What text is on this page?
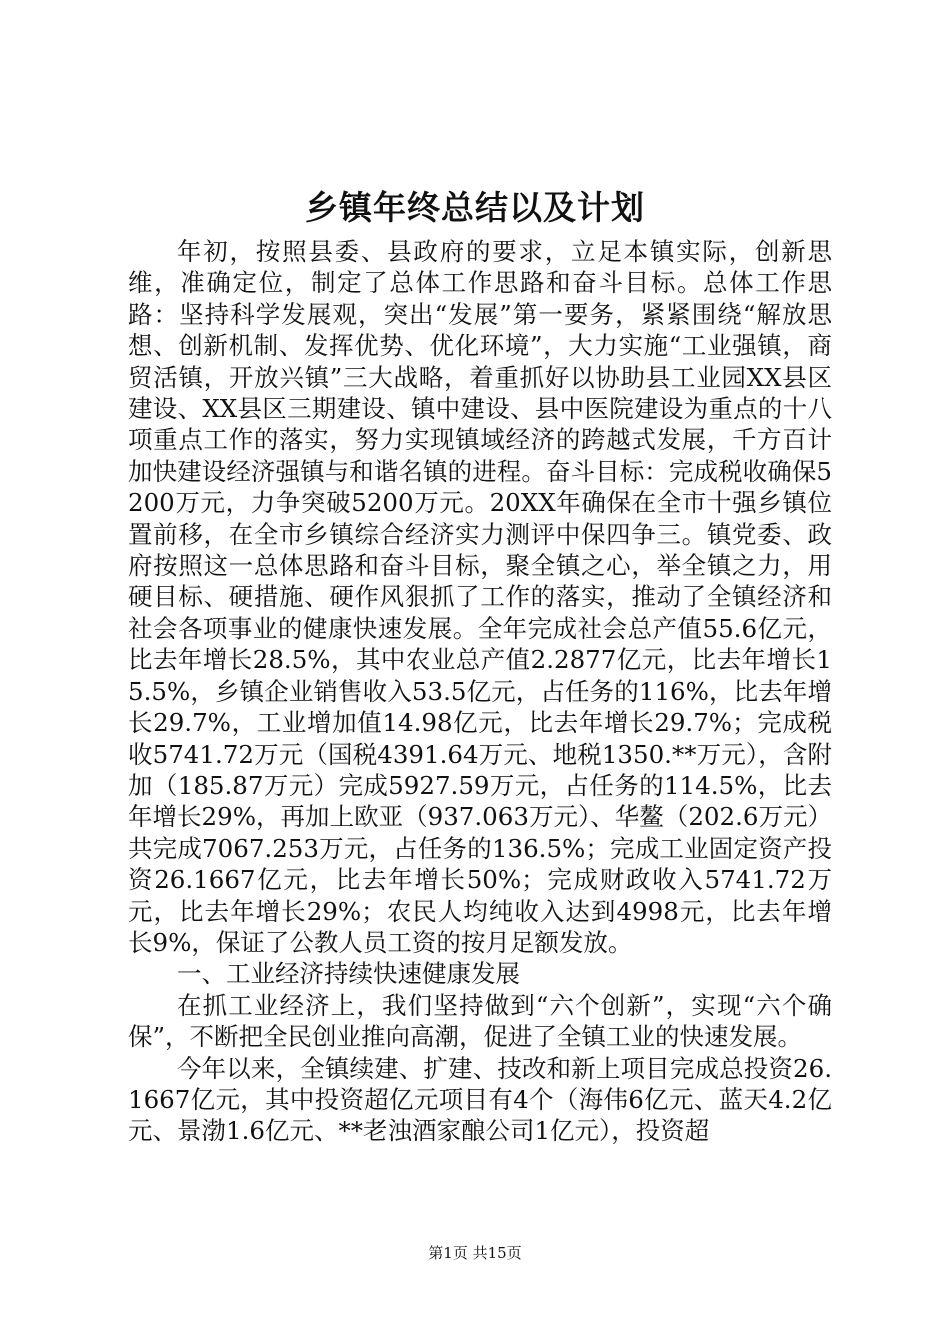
乡镇年终总结以及计划

年初，按照县委、县政府的要求，立足本镇实际，创新思维，准确定位，制定了总体工作思路和奋斗目标。总体工作思路：坚持科学发展观，突出“发展”第一要务，紧紧围绕“解放思想、创新机制、发挥优势、优化环境”，大力实施“工业强镇，商贸活镇，开放兴镇”三大战略，着重抓好以协助县工业园XX县区建设、XX县区三期建设、镇中建设、县中医院建设为重点的十八项重点工作的落实，努力实现镇域经济的跨越式发展，千方百计加快建设经济强镇与和谐名镇的进程。奋斗目标：完成税收确保5200万元，力争突破5200万元。20XX年确保在全市十强乡镇位置前移，在全市乡镇综合经济实力测评中保四争三。镇党委、政府按照这一总体思路和奋斗目标，聚全镇之心，举全镇之力，用硬目标、硬措施、硬作风狠抓了工作的落实，推动了全镇经济和社会各项事业的健康快速发展。全年完成社会总产值55.6亿元，比去年增长28.5%，其中农业总产值2.2877亿元，比去年增长15.5%，乡镇企业销售收入53.5亿元，占任务的116%，比去年增长29.7%，工业增加值14.98亿元，比去年增长29.7%；完成税收5741.72万元（国税4391.64万元、地税1350.**万元），含附加（185.87万元）完成5927.59万元，占任务的114.5%，比去年增长29%，再加上欧亚（937.063万元）、华鳌（202.6万元）共完成7067.253万元，占任务的136.5%；完成工业固定资产投资26.1667亿元，比去年增长50%；完成财政收入5741.72万元，比去年增长29%；农民人均纯收入达到4998元，比去年增长9%，保证了公教人员工资的按月足额发放。

一、工业经济持续快速健康发展

在抓工业经济上，我们坚持做到“六个创新”，实现“六个确保”，不断把全民创业推向高潮，促进了全镇工业的快速发展。

今年以来，全镇续建、扩建、技改和新上项目完成总投资26.1667亿元，其中投资超亿元项目有4个（海伟6亿元、蓝天4.2亿元、景渤1.6亿元、**老浊酒家酿公司1亿元），投资超

第1页 共15页
